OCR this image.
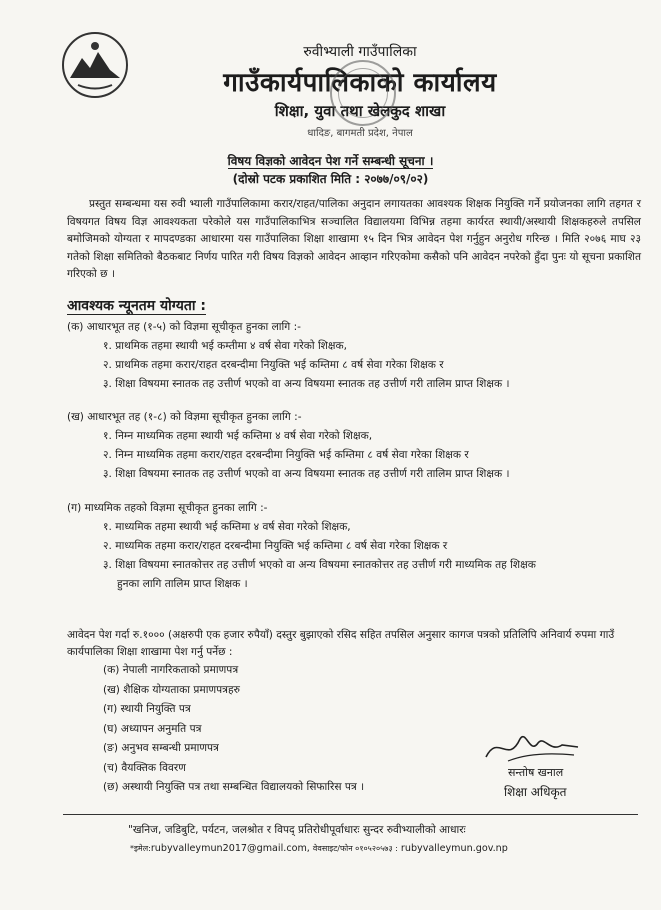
रुवीभ्याली गाउँपालिका
गाउँकार्यपालिकाको कार्यालय
शिक्षा, युवा तथा खेलकुद शाखा
धादिङ, बागमती प्रदेश, नेपाल
विषय विज्ञको आवेदन पेश गर्ने सम्बन्धी सूचना ।
(दोस्रो पटक प्रकाशित मिति : २०७७/०९/०२)
प्रस्तुत सम्बन्धमा यस रुवी भ्याली गाउँपालिकामा करार/राहत/पालिका अनुदान लगायतका आवश्यक शिक्षक नियुक्ति गर्ने प्रयोजनका लागि तहगत र विषयगत विषय विज्ञ आवश्यकता परेकोले यस गाउँपालिकाभित्र सञ्चालित विद्यालयमा विभिन्न तहमा कार्यरत स्थायी/अस्थायी शिक्षकहरुले तपसिल बमोजिमको योग्यता र मापदण्डका आधारमा यस गाउँपालिका शिक्षा शाखामा १५ दिन भित्र आवेदन पेश गर्नुहुन अनुरोध गरिन्छ । मिति २०७६ माघ २३ गतेको शिक्षा समितिको बैठकबाट निर्णय पारित गरी विषय विज्ञको आवेदन आव्हान गरिएकोमा कसैको पनि आवेदन नपरेको हुँदा पुनः यो सूचना प्रकाशित गरिएको छ ।
आवश्यक न्यूनतम योग्यता :
(क) आधारभूत तह (१-५) को विज्ञमा सूचीकृत हुनका लागि :-
१. प्राथमिक तहमा स्थायी भई कम्तीमा ४ वर्ष सेवा गरेको शिक्षक,
२. प्राथमिक तहमा करार/राहत दरबन्दीमा नियुक्ति भई कम्तिमा ८ वर्ष सेवा गरेका शिक्षक र
३. शिक्षा विषयमा स्नातक तह उत्तीर्ण भएको वा अन्य विषयमा स्नातक तह उत्तीर्ण गरी तालिम प्राप्त शिक्षक ।
(ख) आधारभूत तह (१-८) को विज्ञमा सूचीकृत हुनका लागि :-
१. निम्न माध्यमिक तहमा स्थायी भई कम्तिमा ४ वर्ष सेवा गरेको शिक्षक,
२. निम्न माध्यमिक तहमा करार/राहत दरबन्दीमा नियुक्ति भई कम्तिमा ८ वर्ष सेवा गरेका शिक्षक र
३. शिक्षा विषयमा स्नातक तह उत्तीर्ण भएको वा अन्य विषयमा स्नातक तह उत्तीर्ण गरी तालिम प्राप्त शिक्षक ।
(ग) माध्यमिक तहको विज्ञमा सूचीकृत हुनका लागि :-
१. माध्यमिक तहमा स्थायी भई कम्तिमा ४ वर्ष सेवा गरेको शिक्षक,
२. माध्यमिक तहमा करार/राहत दरबन्दीमा नियुक्ति भई कम्तिमा ८ वर्ष सेवा गरेका शिक्षक र
३. शिक्षा विषयमा स्नातकोत्तर तह उत्तीर्ण भएको वा अन्य विषयमा स्नातकोत्तर तह उत्तीर्ण गरी माध्यमिक तह शिक्षक
हुनका लागि तालिम प्राप्त शिक्षक ।
आवेदन पेश गर्दा रु.१००० (अक्षरुपी एक हजार रुपैयाँ) दस्तुर बुझाएको रसिद सहित तपसिल अनुसार कागज पत्रको प्रतिलिपि अनिवार्य रुपमा गाउँ कार्यपालिका शिक्षा शाखामा पेश गर्नु पर्नेछ :
(क) नेपाली नागरिकताको प्रमाणपत्र
(ख) शैक्षिक योग्यताका प्रमाणपत्रहरु
(ग) स्थायी नियुक्ति पत्र
(घ) अध्यापन अनुमति पत्र
(ङ) अनुभव सम्बन्धी प्रमाणपत्र
(च) वैयक्तिक विवरण
(छ) अस्थायी नियुक्ति पत्र तथा सम्बन्धित विद्यालयको सिफारिस पत्र ।
सन्तोष खनाल
शिक्षा अधिकृत
"खनिज, जडिबुटि, पर्यटन, जलश्रोत र विपद् प्रतिरोधीपूर्वाधारः सुन्दर रुवीभ्यालीको आधारः
*इमेल:rubyvalleymun2017@gmail.com, वेवसाइट/फोन ०१०५२०५७३ : rubyvalleymun.gov.np
